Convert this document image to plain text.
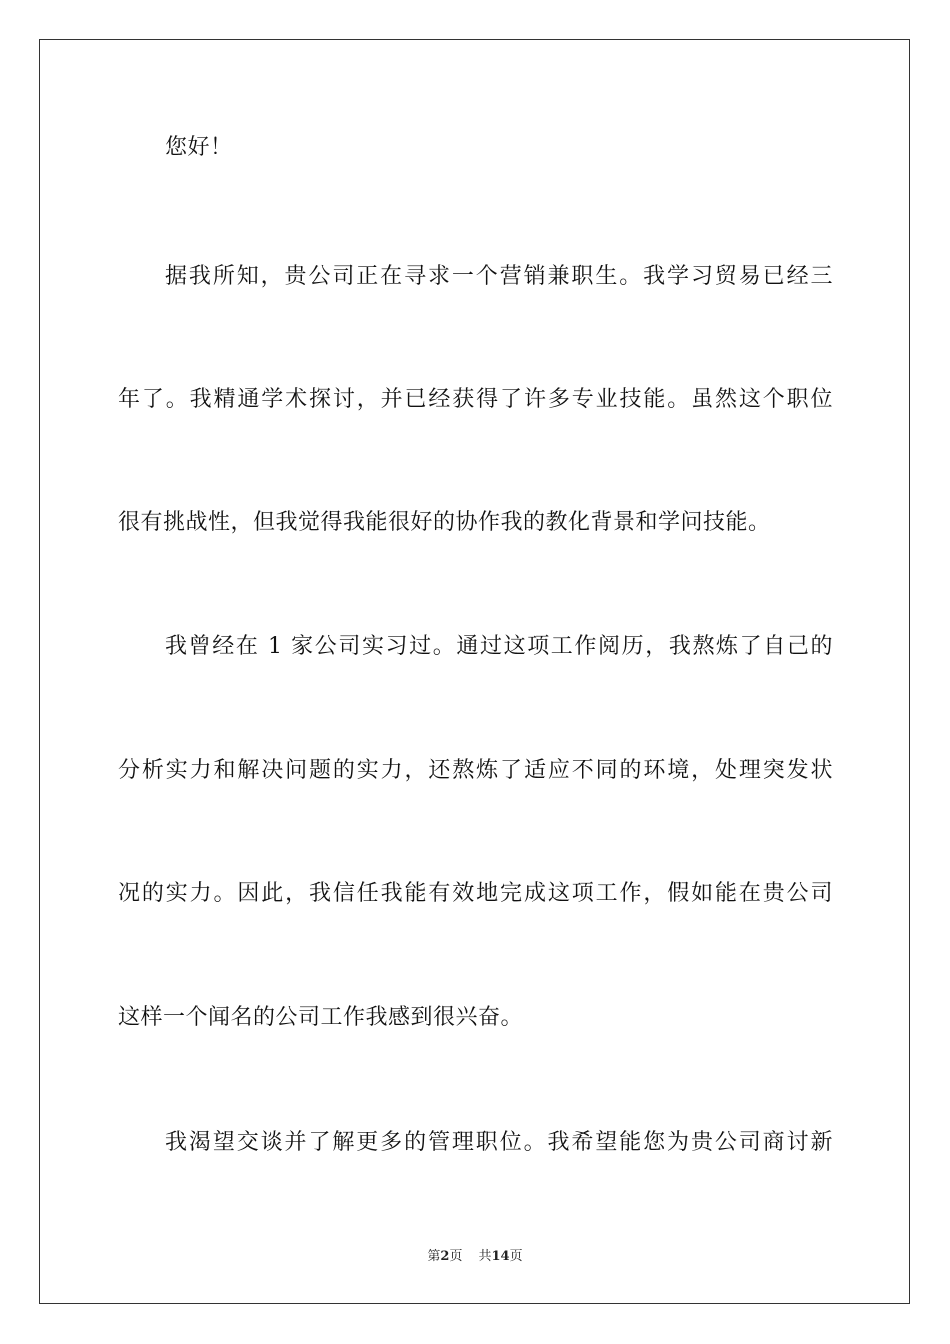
您好！
据我所知，贵公司正在寻求一个营销兼职生。我学习贸易已经三
年了。我精通学术探讨，并已经获得了许多专业技能。虽然这个职位
很有挑战性，但我觉得我能很好的协作我的教化背景和学问技能。
我曾经在 1 家公司实习过。通过这项工作阅历，我熬炼了自己的
分析实力和解决问题的实力，还熬炼了适应不同的环境，处理突发状
况的实力。因此，我信任我能有效地完成这项工作，假如能在贵公司
这样一个闻名的公司工作我感到很兴奋。
我渴望交谈并了解更多的管理职位。我希望能您为贵公司商讨新
第2页 共14页
